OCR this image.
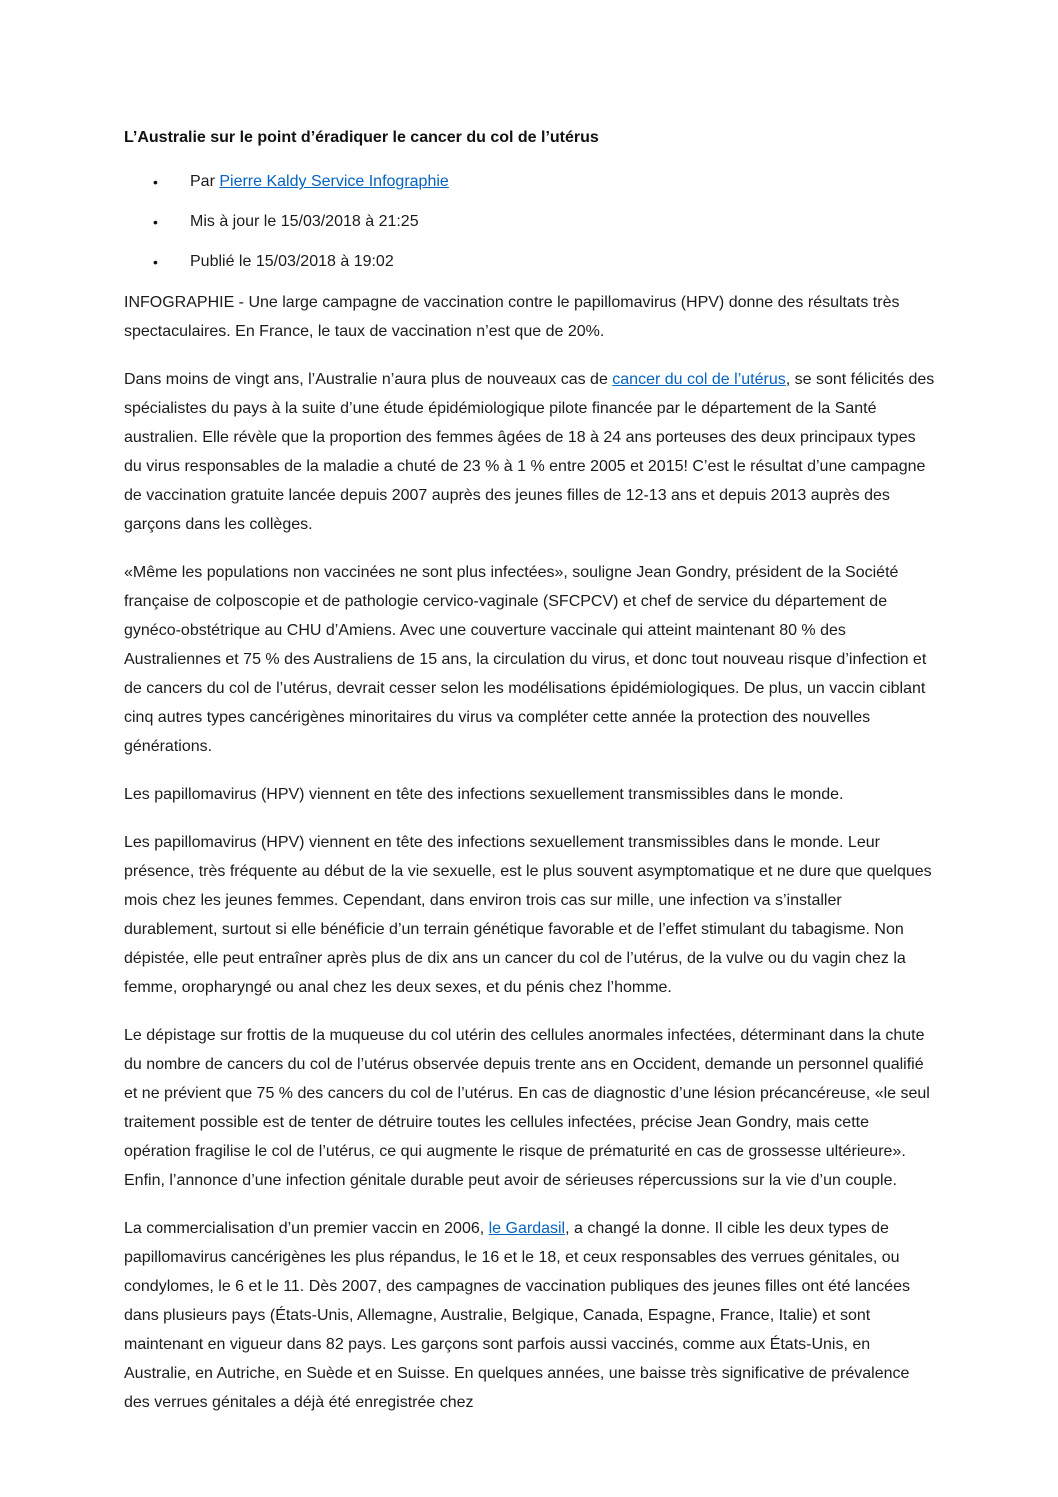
L’Australie sur le point d’éradiquer le cancer du col de l’utérus
• Par Pierre Kaldy Service Infographie
• Mis à jour le 15/03/2018 à 21:25
• Publié le 15/03/2018 à 19:02

INFOGRAPHIE - Une large campagne de vaccination contre le papillomavirus (HPV) donne des résultats très spectaculaires. En France, le taux de vaccination n’est que de 20%.

Dans moins de vingt ans, l’Australie n’aura plus de nouveaux cas de cancer du col de l’utérus, se sont félicités des spécialistes du pays à la suite d’une étude épidémiologique pilote financée par le département de la Santé australien. Elle révèle que la proportion des femmes âgées de 18 à 24 ans porteuses des deux principaux types du virus responsables de la maladie a chuté de 23 % à 1 % entre 2005 et 2015! C’est le résultat d’une campagne de vaccination gratuite lancée depuis 2007 auprès des jeunes filles de 12-13 ans et depuis 2013 auprès des garçons dans les collèges.

«Même les populations non vaccinées ne sont plus infectées», souligne Jean Gondry, président de la Société française de colposcopie et de pathologie cervico-vaginale (SFCPCV) et chef de service du département de gynéco-obstétrique au CHU d’Amiens. Avec une couverture vaccinale qui atteint maintenant 80 % des Australiennes et 75 % des Australiens de 15 ans, la circulation du virus, et donc tout nouveau risque d’infection et de cancers du col de l’utérus, devrait cesser selon les modélisations épidémiologiques. De plus, un vaccin ciblant cinq autres types cancérigènes minoritaires du virus va compléter cette année la protection des nouvelles générations.

Les papillomavirus (HPV) viennent en tête des infections sexuellement transmissibles dans le monde.

Les papillomavirus (HPV) viennent en tête des infections sexuellement transmissibles dans le monde. Leur présence, très fréquente au début de la vie sexuelle, est le plus souvent asymptomatique et ne dure que quelques mois chez les jeunes femmes. Cependant, dans environ trois cas sur mille, une infection va s’installer durablement, surtout si elle bénéficie d’un terrain génétique favorable et de l’effet stimulant du tabagisme. Non dépistée, elle peut entraîner après plus de dix ans un cancer du col de l’utérus, de la vulve ou du vagin chez la femme, oropharyngé ou anal chez les deux sexes, et du pénis chez l’homme.

Le dépistage sur frottis de la muqueuse du col utérin des cellules anormales infectées, déterminant dans la chute du nombre de cancers du col de l’utérus observée depuis trente ans en Occident, demande un personnel qualifié et ne prévient que 75 % des cancers du col de l’utérus. En cas de diagnostic d’une lésion précancéreuse, «le seul traitement possible est de tenter de détruire toutes les cellules infectées, précise Jean Gondry, mais cette opération fragilise le col de l’utérus, ce qui augmente le risque de prématurité en cas de grossesse ultérieure». Enfin, l’annonce d’une infection génitale durable peut avoir de sérieuses répercussions sur la vie d’un couple.

La commercialisation d’un premier vaccin en 2006, le Gardasil, a changé la donne. Il cible les deux types de papillomavirus cancérigènes les plus répandus, le 16 et le 18, et ceux responsables des verrues génitales, ou condylomes, le 6 et le 11. Dès 2007, des campagnes de vaccination publiques des jeunes filles ont été lancées dans plusieurs pays (États-Unis, Allemagne, Australie, Belgique, Canada, Espagne, France, Italie) et sont maintenant en vigueur dans 82 pays. Les garçons sont parfois aussi vaccinés, comme aux États-Unis, en Australie, en Autriche, en Suède et en Suisse. En quelques années, une baisse très significative de prévalence des verrues génitales a déjà été enregistrée chez
